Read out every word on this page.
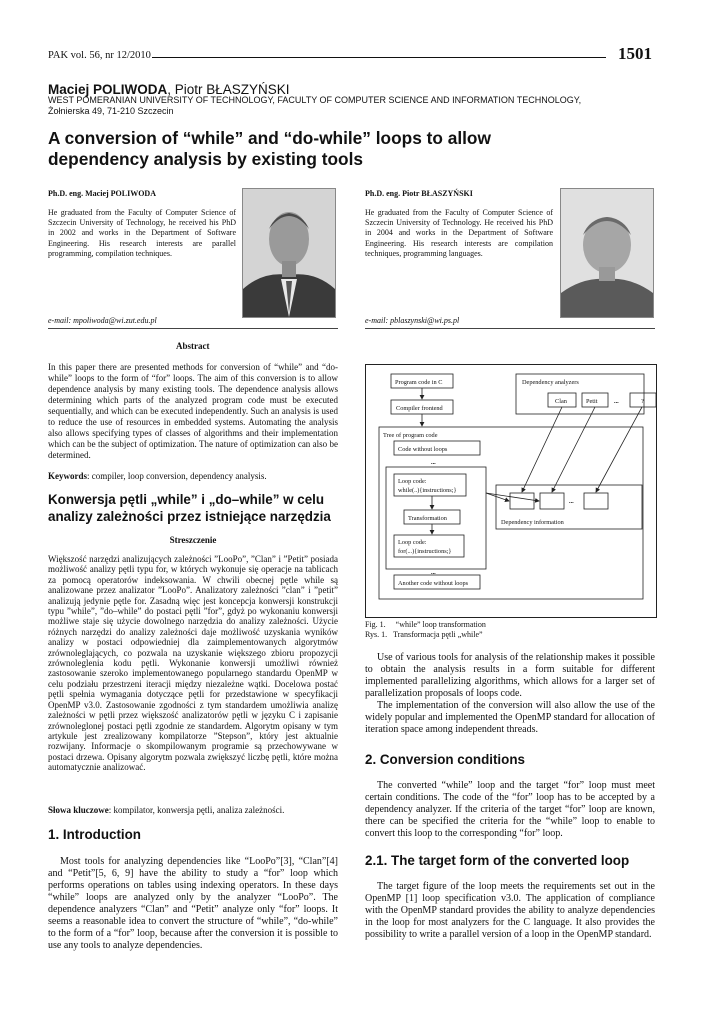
PAK vol. 56, nr 12/2010	1501
Maciej POLIWODA, Piotr BŁASZYŃSKI
WEST POMERANIAN UNIVERSITY OF TECHNOLOGY, FACULTY OF COMPUTER SCIENCE AND INFORMATION TECHNOLOGY,
Żołnierska 49, 71-210 Szczecin
A conversion of “while” and “do-while” loops to allow dependency analysis by existing tools
Ph.D. eng. Maciej POLIWODA
He graduated from the Faculty of Computer Science of Szczecin University of Technology, he received his PhD in 2002 and works in the Department of Software Engineering. His research interests are parallel programming, compilation techniques.
e-mail: mpoliwoda@wi.zut.edu.pl
Ph.D. eng. Piotr BŁASZYŃSKI
He graduated from the Faculty of Computer Science of Szczecin University of Technology. He received his PhD in 2004 and works in the Department of Software Engineering. His research interests are compilation techniques, programming languages.
e-mail: pblaszynski@wi.ps.pl
Abstract
In this paper there are presented methods for conversion of “while” and “do-while” loops to the form of “for” loops. The aim of this conversion is to allow dependence analysis by many existing tools. The dependence analysis allows determining which parts of the analyzed program code must be executed sequentially, and which can be executed independently. Such an analysis is used to reduce the use of resources in embedded systems. Automating the analysis also allows specifying types of classes of algorithms and their implementation which can be the subject of optimization. The nature of optimization can also be determined.
Keywords: compiler, loop conversion, dependency analysis.
Konwersja pętli „while” i „do–while” w celu analizy zależności przez istniejące narzędzia
Streszczenie
Większość narzędzi analizujących zależności ”LooPo”, ”Clan” i ”Petit” posiada możliwość analizy pętli typu for, w których wykonuje się operacje na tablicach za pomocą operatorów indeksowania. W chwili obecnej pętle while są analizowane przez analizator ”LooPo”. Analizatory zależności ”clan” i ”petit” analizują jedynie pętle for. Zasadną więc jest koncepcja konwersji konstrukcji typu ”while”, ”do–while” do postaci pętli ”for”, gdyż po wykonaniu konwersji możliwe staje się użycie dowolnego narzędzia do analizy zależności. Użycie różnych narzędzi do analizy zależności daje możliwość uzyskania wyników analizy w postaci odpowiedniej dla zaimplementowanych algorytmów zrównoleglających, co pozwala na uzyskanie większego zbioru propozycji zrównoleglenia kodu pętli. Wykonanie konwersji umożliwi również zastosowanie szeroko implementowanego popularnego standardu OpenMP w celu podziału przestrzeni iteracji między niezależne wątki. Docelowa postać pętli spełnia wymagania dotyczące pętli for przedstawione w specyfikacji OpenMP v3.0. Zastosowanie zgodności z tym standardem umożliwia analizę zależności w pętli przez większość analizatorów pętli w języku C i zapisanie zrównoleglonej postaci pętli zgodnie ze standardem. Algorytm opisany w tym artykule jest zrealizowany kompilatorze ”Stepson”, który jest aktualnie rozwijany. Informacje o skompilowanym programie są przechowywane w postaci drzewa. Opisany algorytm pozwala zwiększyć liczbę pętli, które można automatycznie analizować.
Słowa kluczowe: kompilator, konwersja pętli, analiza zależności.
1. Introduction
Most tools for analyzing dependencies like “LooPo”[3], “Clan”[4] and “Petit”[5, 6, 9] have the ability to study a “for” loop which performs operations on tables using indexing operators. In these days “while” loops are analyzed only by the analyzer “LooPo”. The dependence analyzers “Clan” and “Petit” analyze only “for” loops. It seems a reasonable idea to convert the structure of “while”, “do-while” to the form of a “for” loop, because after the conversion it is possible to use any tools to analyze dependencies.
Program code in C
Compiler frontend
Dependency analyzers
Clan	Petit	...	?
Tree of program code
Code without loops
...
Loop code:
while(..){instructions;}
Transformation
Dependency information
...
Loop code:
for(...){instructions;}
...
Another code without loops
Fig. 1. “while” loop transformation
Rys. 1. Transformacja pętli „while”
Use of various tools for analysis of the relationship makes it possible to obtain the analysis results in a form suitable for different implemented parallelizing algorithms, which allows for a larger set of parallelization proposals of loops code.
The implementation of the conversion will also allow the use of the widely popular and implemented the OpenMP standard for allocation of iteration space among independent threads.
2. Conversion conditions
The converted “while” loop and the target “for” loop must meet certain conditions. The code of the “for” loop has to be accepted by a dependency analyzer. If the criteria of the target “for” loop are known, there can be specified the criteria for the “while” loop to enable to convert this loop to the corresponding “for” loop.
2.1. The target form of the converted loop
The target figure of the loop meets the requirements set out in the OpenMP [1] loop specification v3.0. The application of compliance with the OpenMP standard provides the ability to analyze dependencies in the loop for most analyzers for the C language. It also provides the possibility to write a parallel version of a loop in the OpenMP standard.
